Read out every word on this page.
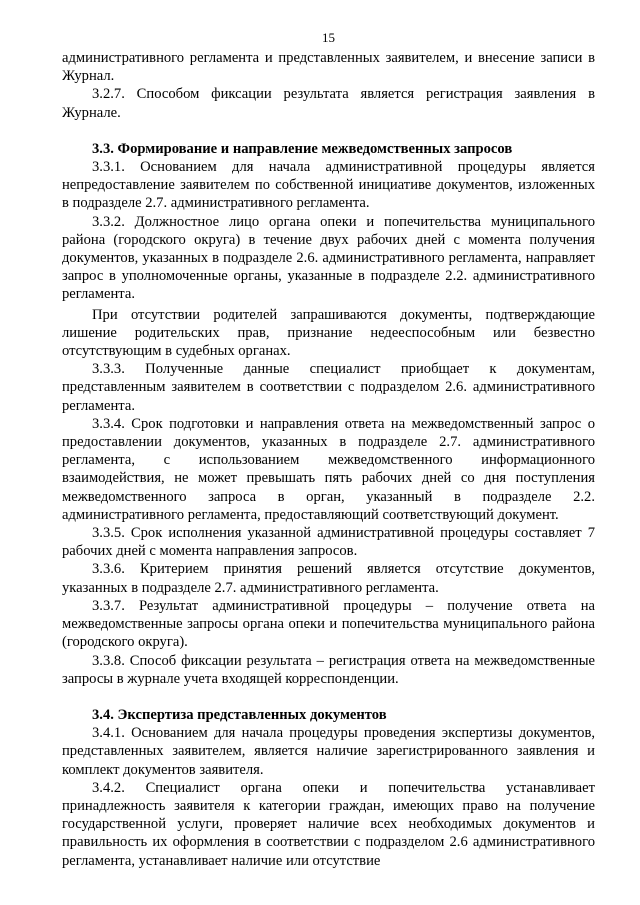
15

административного регламента и представленных заявителем, и внесение записи в Журнал.

3.2.7. Способом фиксации результата является регистрация заявления в Журнале.

3.3. Формирование и направление межведомственных запросов

3.3.1. Основанием для начала административной процедуры является непредоставление заявителем по собственной инициативе документов, изложенных в подразделе 2.7. административного регламента.

3.3.2. Должностное лицо органа опеки и попечительства муниципального района (городского округа) в течение двух рабочих дней с момента получения документов, указанных в подразделе 2.6. административного регламента, направляет запрос в уполномоченные органы, указанные в подразделе 2.2. административного регламента.

При отсутствии родителей запрашиваются документы, подтверждающие лишение родительских прав, признание недееспособным или безвестно отсутствующим в судебных органах.

3.3.3. Полученные данные специалист приобщает к документам, представленным заявителем в соответствии с подразделом 2.6. административного регламента.

3.3.4. Срок подготовки и направления ответа на межведомственный запрос о предоставлении документов, указанных в подразделе 2.7. административного регламента, с использованием межведомственного информационного взаимодействия, не может превышать пять рабочих дней со дня поступления межведомственного запроса в орган, указанный в подразделе 2.2. административного регламента, предоставляющий соответствующий документ.

3.3.5. Срок исполнения указанной административной процедуры составляет 7 рабочих дней с момента направления запросов.

3.3.6. Критерием принятия решений является отсутствие документов, указанных в подразделе 2.7. административного регламента.

3.3.7. Результат административной процедуры – получение ответа на межведомственные запросы органа опеки и попечительства муниципального района (городского округа).

3.3.8. Способ фиксации результата – регистрация ответа на межведомственные запросы в журнале учета входящей корреспонденции.

3.4. Экспертиза представленных документов

3.4.1. Основанием для начала процедуры проведения экспертизы документов, представленных заявителем, является наличие зарегистрированного заявления и комплект документов заявителя.

3.4.2. Специалист органа опеки и попечительства устанавливает принадлежность заявителя к категории граждан, имеющих право на получение государственной услуги, проверяет наличие всех необходимых документов и правильность их оформления в соответствии с подразделом 2.6 административного регламента, устанавливает наличие или отсутствие
